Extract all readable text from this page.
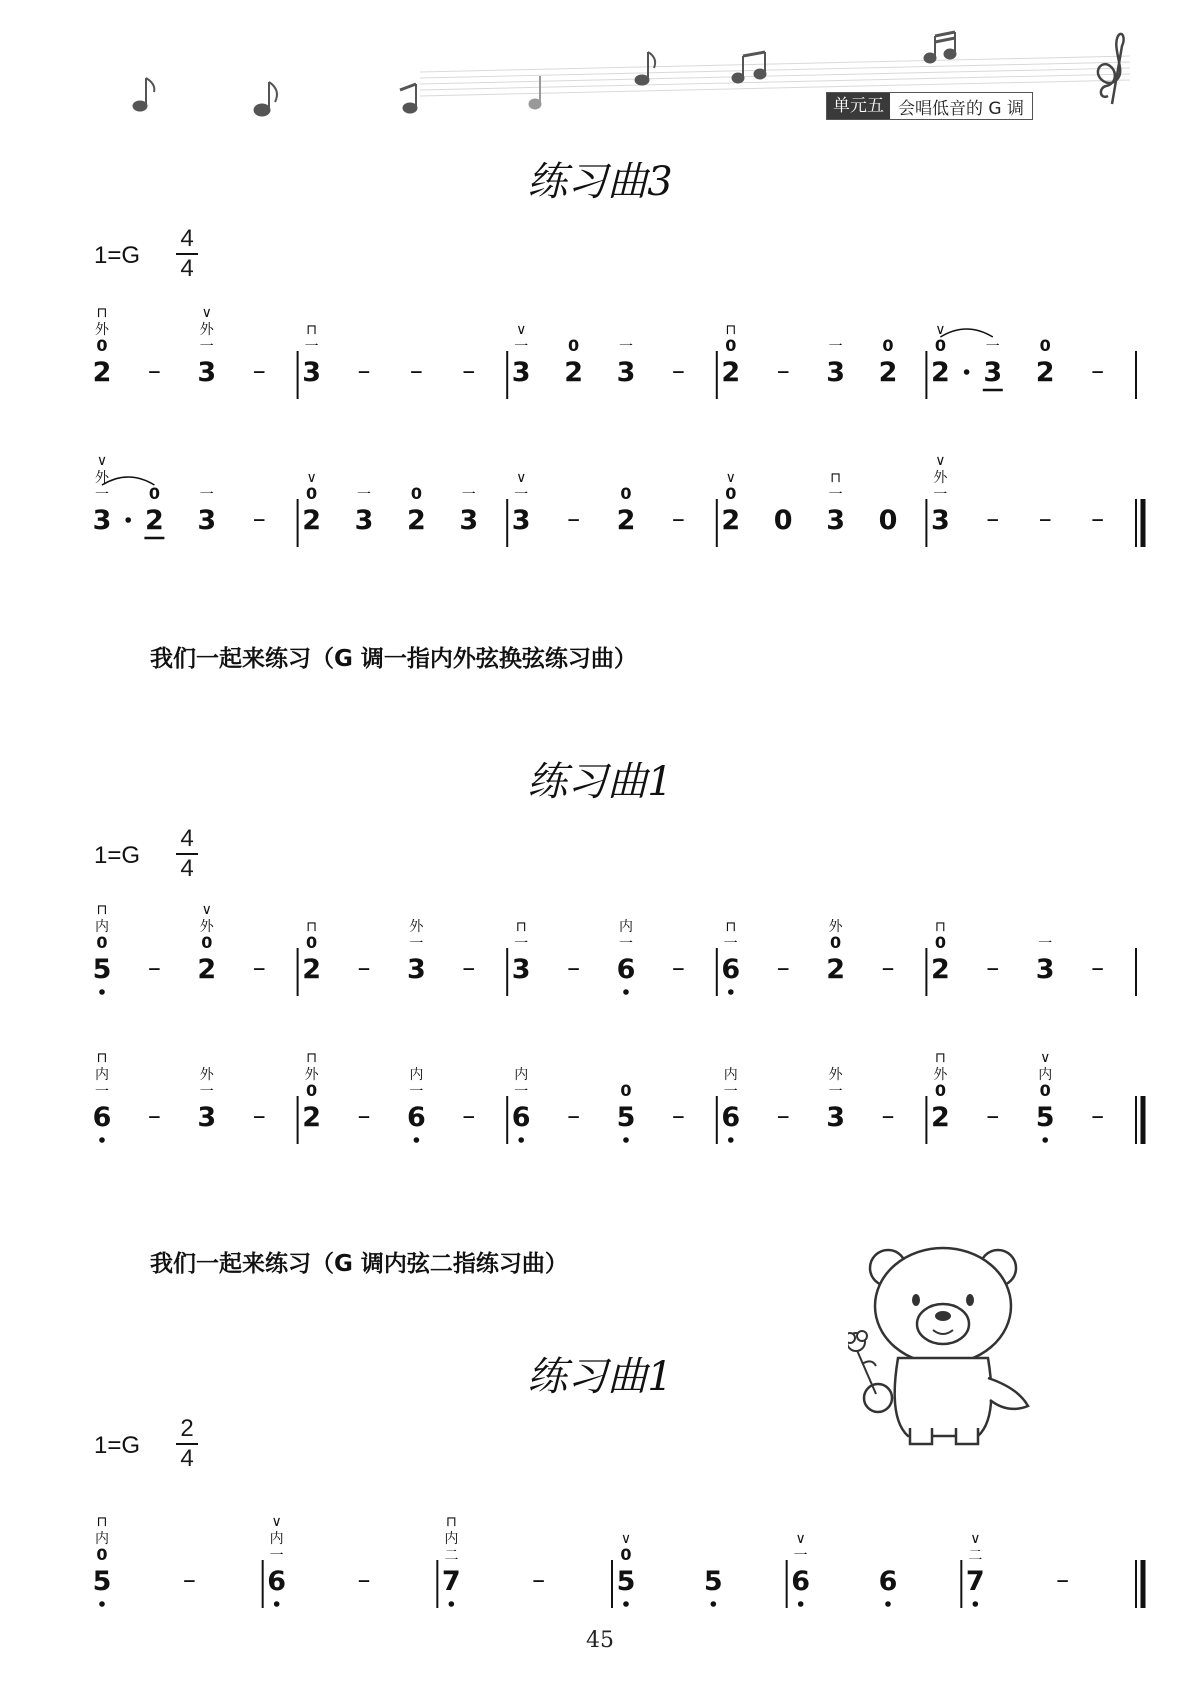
单元五 会唱低音的 G 调
练习曲3
1=G
4
4
我们一起来练习（G 调一指内外弦换弦练习曲）
练习曲1
1=G
4
4
我们一起来练习（G 调内弦二指练习曲）
练习曲1
1=G
2
4
45
2
0
外
⊓
– 3
一
外
∨
– 3
一
⊓
– – – 3
一
∨
2
0
3
一
– 2
0
⊓
– 3
一
2
0
2
0
∨
3
一
2
0
–
3
一
外
∨
2
0
3
一
– 2
0
∨
3
一
2
0
3
一
3
一
∨
– 2
0
– 2
0
∨
0 3
一
⊓
0 3
一
外
∨
– – –
5
0
内
⊓
– 2
0
外
∨
– 2
0
⊓
– 3
一
外
– 3
一
⊓
– 6
一
内
– 6
一
⊓
– 2
0
外
– 2
0
⊓
– 3
一
–
6
一
内
⊓
– 3
一
外
– 2
0
外
⊓
– 6
一
内
– 6
一
内
– 5
0
– 6
一
内
– 3
一
外
– 2
0
外
⊓
– 5
0
内
∨
–
5
0
内
⊓
–	6
一
内
∨
–	7
二
内
⊓
–	5
0
∨
5	6
一
∨
6	7
二
∨
–
